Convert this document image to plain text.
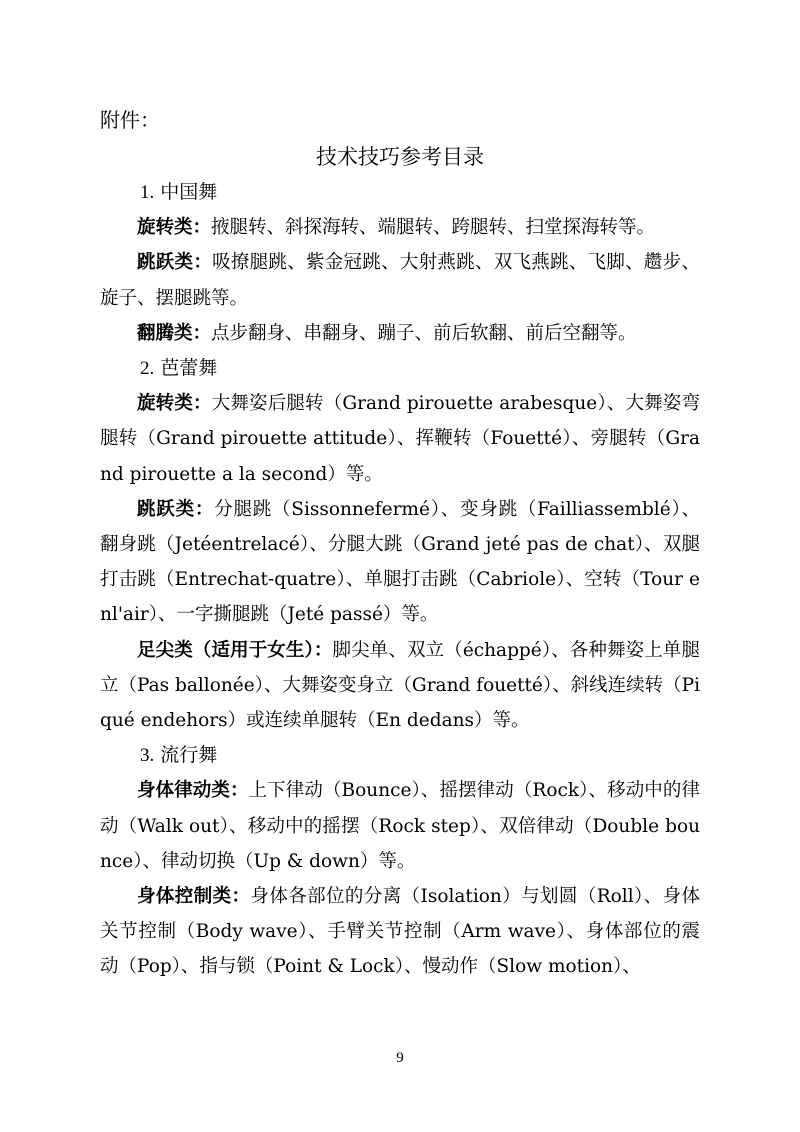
附件：
技术技巧参考目录
1. 中国舞

旋转类：掖腿转、斜探海转、端腿转、跨腿转、扫堂探海转等。

跳跃类：吸撩腿跳、紫金冠跳、大射燕跳、双飞燕跳、飞脚、趱步、旋子、摆腿跳等。

翻腾类：点步翻身、串翻身、蹦子、前后软翻、前后空翻等。

2. 芭蕾舞

旋转类：大舞姿后腿转（Grand pirouette arabesque）、大舞姿弯腿转（Grand pirouette attitude）、挥鞭转（Fouetté）、旁腿转（Grand pirouette a la second）等。

跳跃类：分腿跳（Sissonnefermé）、变身跳（Failliassemblé）、翻身跳（Jetéentrelacé）、分腿大跳（Grand jeté pas de chat）、双腿打击跳（Entrechat-quatre）、单腿打击跳（Cabriole）、空转（Tour enl'air）、一字撕腿跳（Jeté passé）等。

足尖类（适用于女生）：脚尖单、双立（échappé）、各种舞姿上单腿立（Pas ballonée）、大舞姿变身立（Grand fouetté）、斜线连续转（Piqué endehors）或连续单腿转（En dedans）等。

3. 流行舞

身体律动类：上下律动（Bounce）、摇摆律动（Rock）、移动中的律动（Walk out）、移动中的摇摆（Rock step）、双倍律动（Double bounce）、律动切换（Up & down）等。

身体控制类：身体各部位的分离（Isolation）与划圆（Roll）、身体关节控制（Body wave）、手臂关节控制（Arm wave）、身体部位的震动（Pop）、指与锁（Point & Lock）、慢动作（Slow motion）、

9
